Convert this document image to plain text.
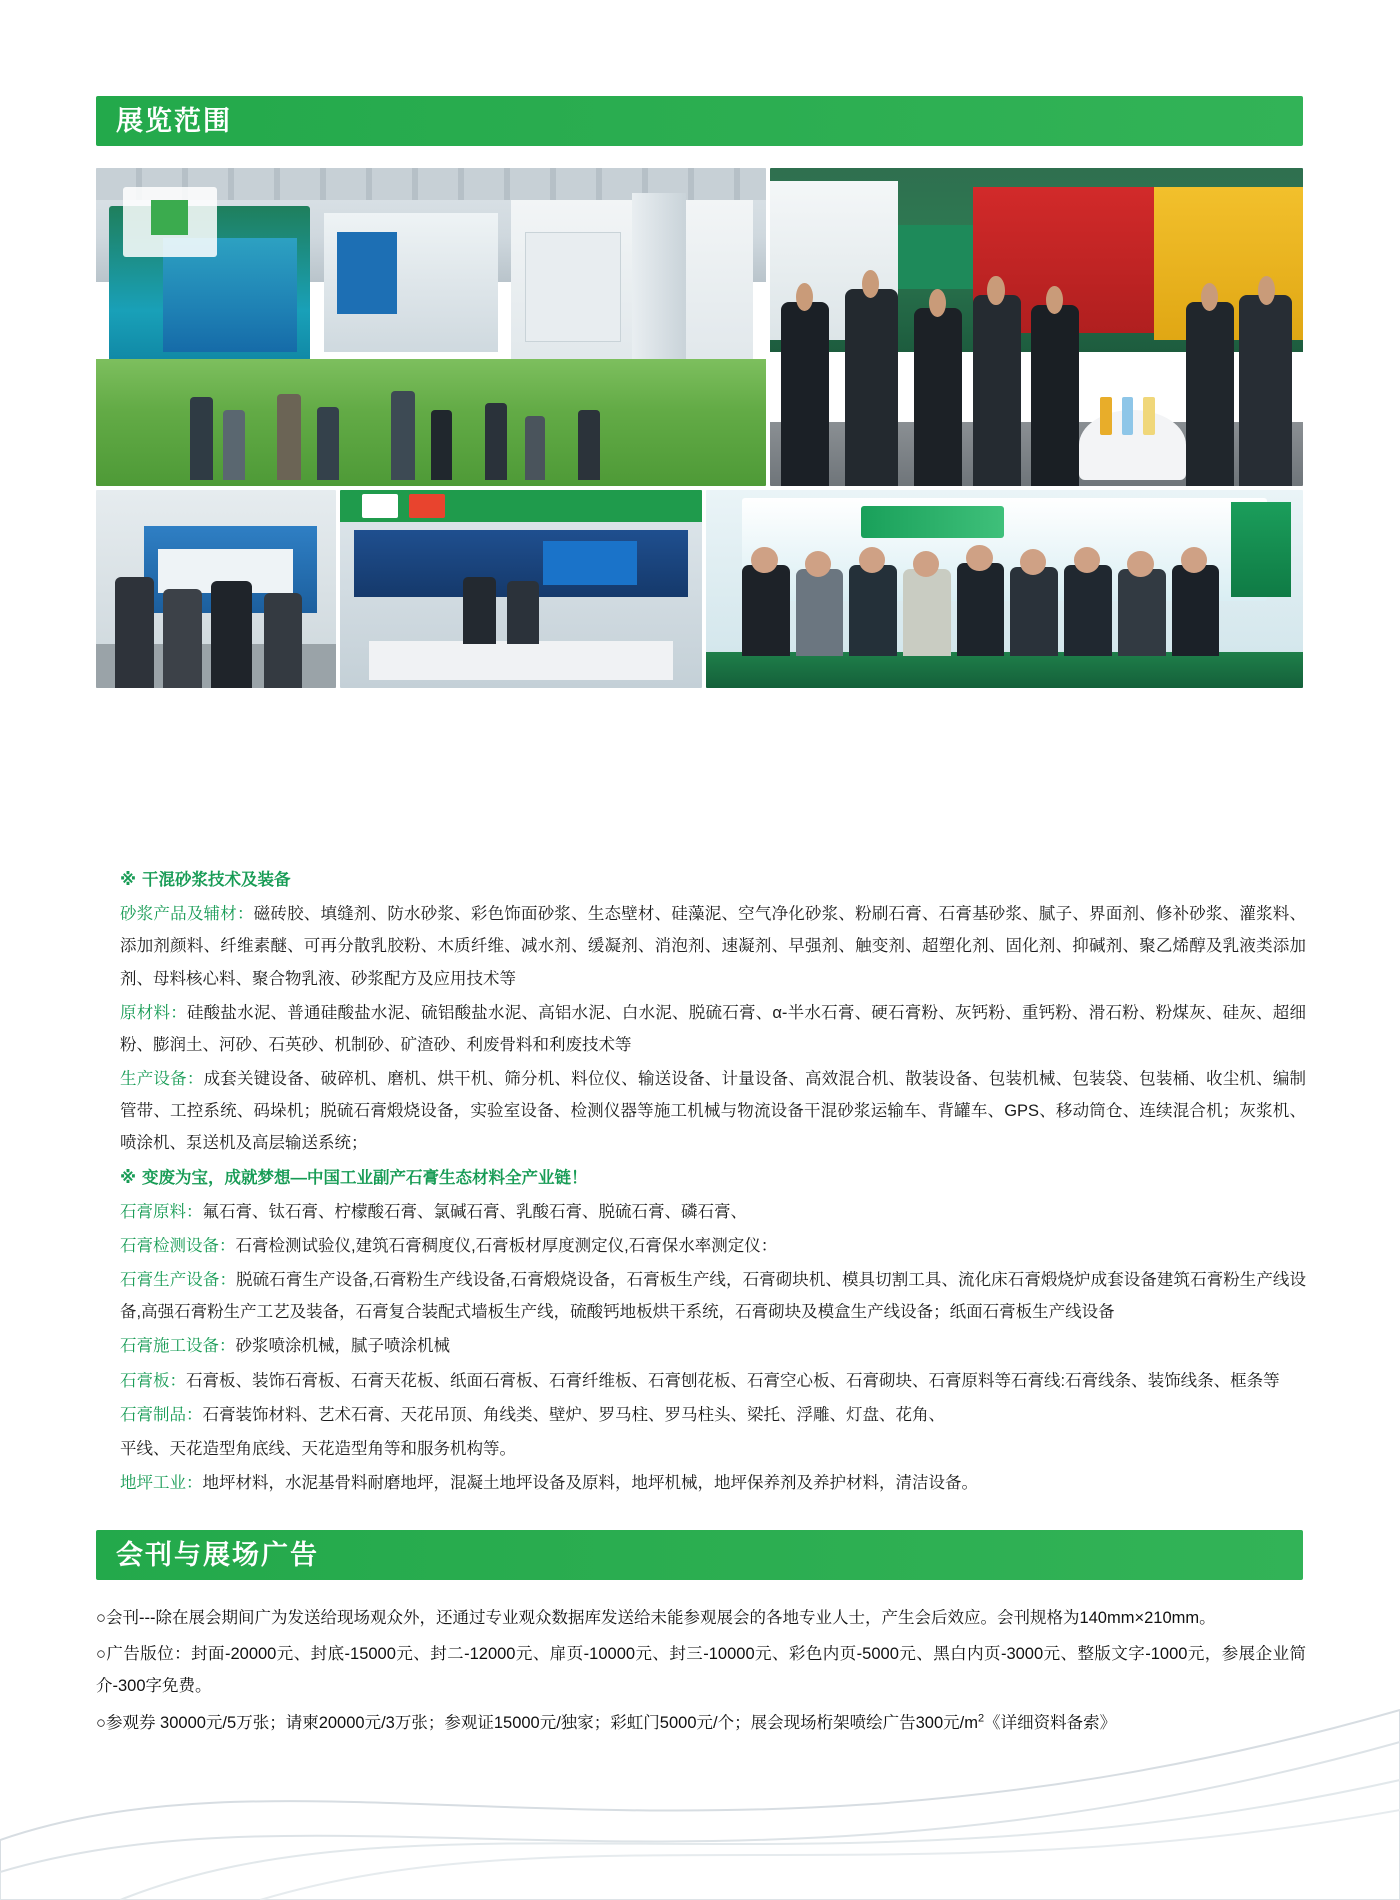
展览范围

※ 干混砂浆技术及装备

砂浆产品及辅材：磁砖胶、填缝剂、防水砂浆、彩色饰面砂浆、生态壁材、硅藻泥、空气净化砂浆、粉刷石膏、石膏基砂浆、腻子、界面剂、修补砂浆、灌浆料、添加剂颜料、纤维素醚、可再分散乳胶粉、木质纤维、减水剂、缓凝剂、消泡剂、速凝剂、早强剂、触变剂、超塑化剂、固化剂、抑碱剂、聚乙烯醇及乳液类添加剂、母料核心料、聚合物乳液、砂浆配方及应用技术等

原材料：硅酸盐水泥、普通硅酸盐水泥、硫铝酸盐水泥、高铝水泥、白水泥、脱硫石膏、α-半水石膏、硬石膏粉、灰钙粉、重钙粉、滑石粉、粉煤灰、硅灰、超细粉、膨润土、河砂、石英砂、机制砂、矿渣砂、利废骨料和利废技术等

生产设备：成套关键设备、破碎机、磨机、烘干机、筛分机、料位仪、输送设备、计量设备、高效混合机、散装设备、包装机械、包装袋、包装桶、收尘机、编制管带、工控系统、码垛机；脱硫石膏煅烧设备，实验室设备、检测仪器等施工机械与物流设备干混砂浆运输车、背罐车、GPS、移动筒仓、连续混合机；灰浆机、喷涂机、泵送机及高层输送系统；

※ 变废为宝，成就梦想—中国工业副产石膏生态材料全产业链！

石膏原料：氟石膏、钛石膏、柠檬酸石膏、氯碱石膏、乳酸石膏、脱硫石膏、磷石膏、

石膏检测设备：石膏检测试验仪,建筑石膏稠度仪,石膏板材厚度测定仪,石膏保水率测定仪：

石膏生产设备：脱硫石膏生产设备,石膏粉生产线设备,石膏煅烧设备，石膏板生产线，石膏砌块机、模具切割工具、流化床石膏煅烧炉成套设备建筑石膏粉生产线设备,高强石膏粉生产工艺及装备，石膏复合装配式墙板生产线，硫酸钙地板烘干系统，石膏砌块及模盒生产线设备；纸面石膏板生产线设备

石膏施工设备：砂浆喷涂机械，腻子喷涂机械

石膏板：石膏板、装饰石膏板、石膏天花板、纸面石膏板、石膏纤维板、石膏刨花板、石膏空心板、石膏砌块、石膏原料等石膏线:石膏线条、装饰线条、框条等

石膏制品：石膏装饰材料、艺术石膏、天花吊顶、角线类、壁炉、罗马柱、罗马柱头、梁托、浮雕、灯盘、花角、

平线、天花造型角底线、天花造型角等和服务机构等。

地坪工业：地坪材料，水泥基骨料耐磨地坪，混凝土地坪设备及原料，地坪机械，地坪保养剂及养护材料，清洁设备。

会刊与展场广告

○会刊---除在展会期间广为发送给现场观众外，还通过专业观众数据库发送给未能参观展会的各地专业人士，产生会后效应。会刊规格为140mm×210mm。

○广告版位：封面-20000元、封底-15000元、封二-12000元、扉页-10000元、封三-10000元、彩色内页-5000元、黑白内页-3000元、整版文字-1000元，参展企业简介-300字免费。

○参观券 30000元/5万张；请柬20000元/3万张；参观证15000元/独家；彩虹门5000元/个；展会现场桁架喷绘广告300元$/m^2$《详细资料备索》
